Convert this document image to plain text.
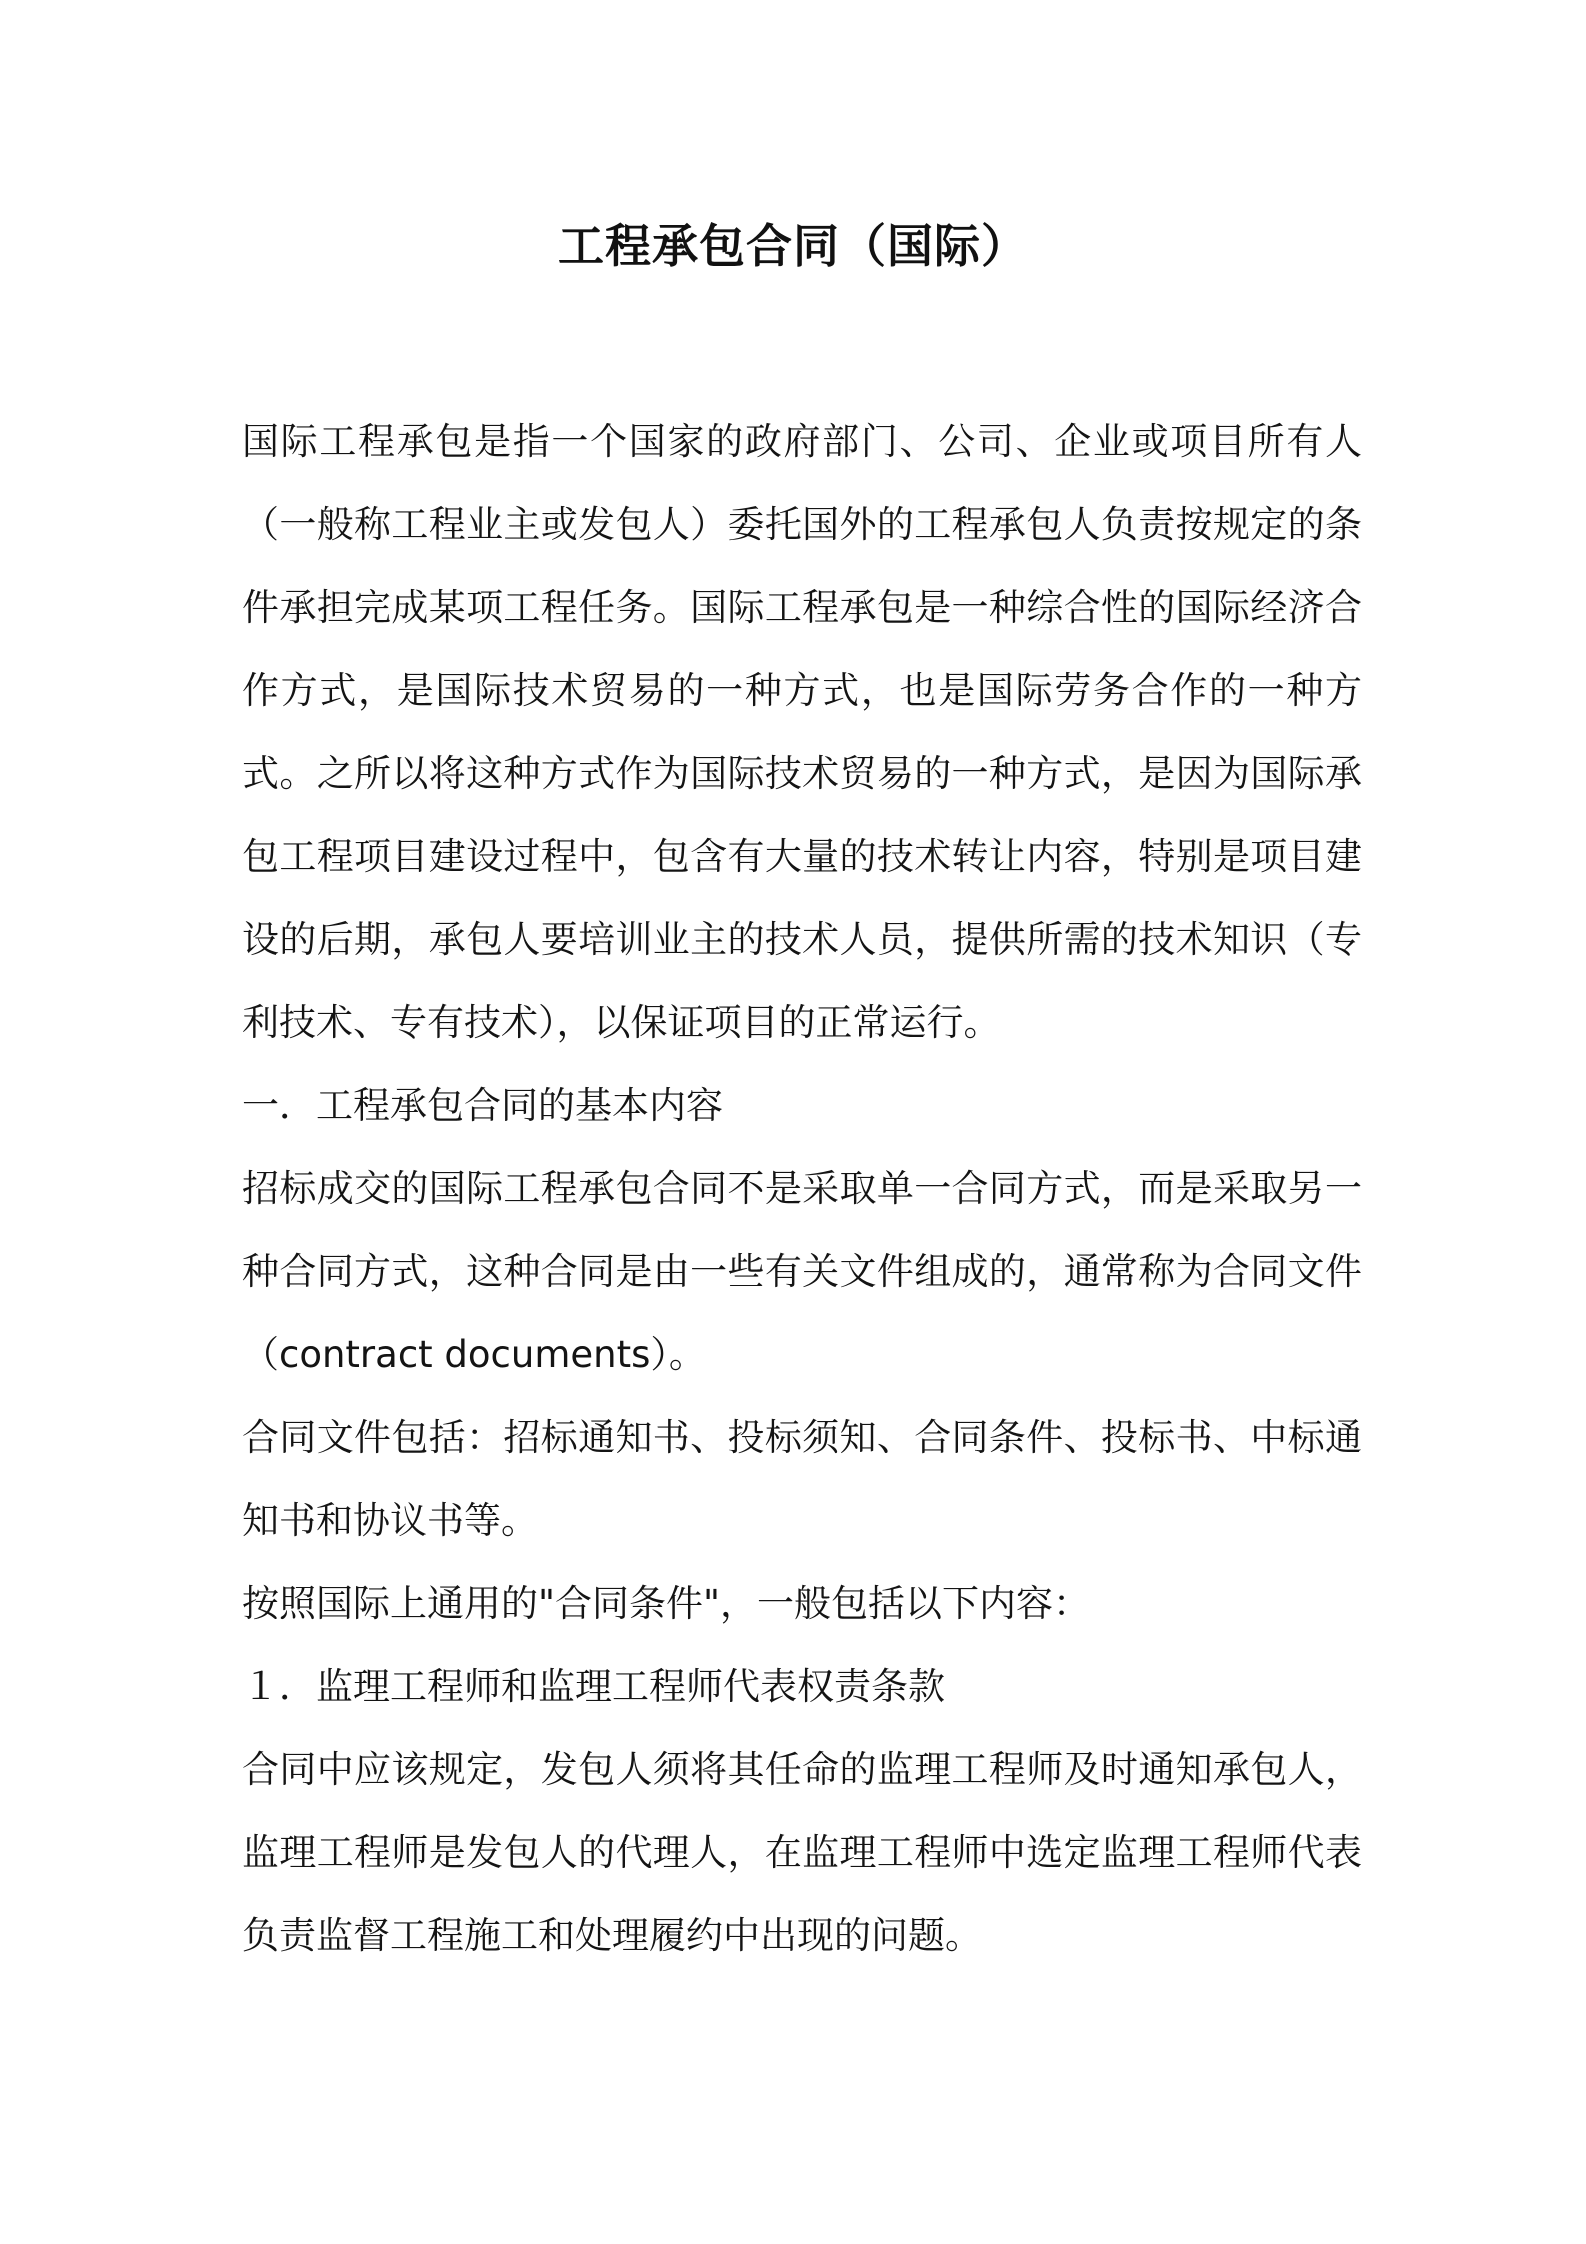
工程承包合同（国际）

国际工程承包是指一个国家的政府部门、公司、企业或项目所有人（一般称工程业主或发包人）委托国外的工程承包人负责按规定的条件承担完成某项工程任务。国际工程承包是一种综合性的国际经济合作方式，是国际技术贸易的一种方式，也是国际劳务合作的一种方式。之所以将这种方式作为国际技术贸易的一种方式，是因为国际承包工程项目建设过程中，包含有大量的技术转让内容，特别是项目建设的后期，承包人要培训业主的技术人员，提供所需的技术知识（专利技术、专有技术），以保证项目的正常运行。

一．工程承包合同的基本内容

招标成交的国际工程承包合同不是采取单一合同方式，而是采取另一种合同方式，这种合同是由一些有关文件组成的，通常称为合同文件（contract documents）。

合同文件包括：招标通知书、投标须知、合同条件、投标书、中标通知书和协议书等。

按照国际上通用的"合同条件"，一般包括以下内容：

１．监理工程师和监理工程师代表权责条款

合同中应该规定，发包人须将其任命的监理工程师及时通知承包人，监理工程师是发包人的代理人，在监理工程师中选定监理工程师代表负责监督工程施工和处理履约中出现的问题。
